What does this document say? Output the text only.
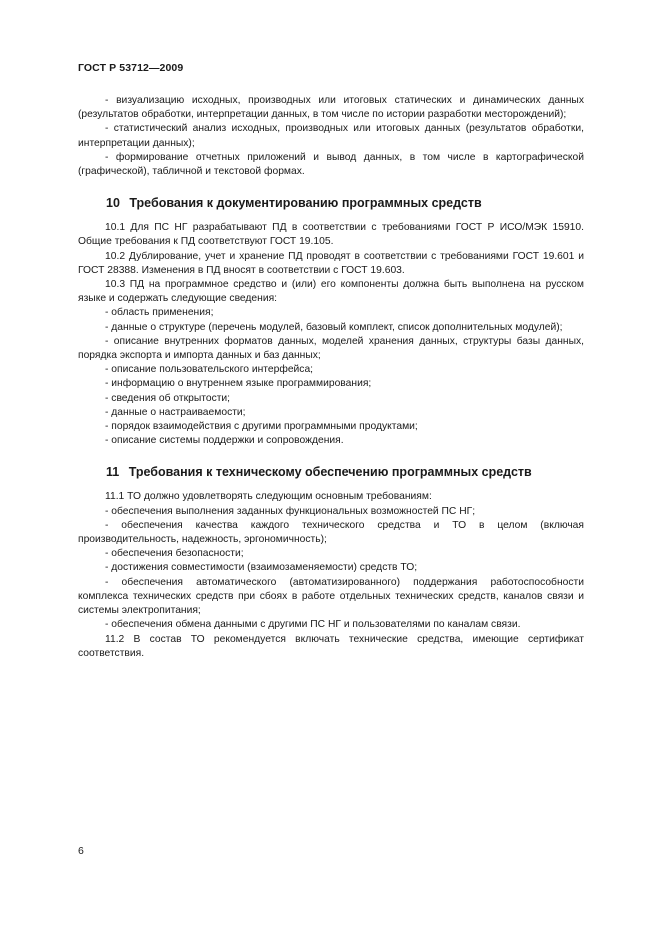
ГОСТ Р 53712—2009

- визуализацию исходных, производных или итоговых статических и динамических данных (результатов обработки, интерпретации данных, в том числе по истории разработки месторождений);

- статистический анализ исходных, производных или итоговых данных (результатов обработки, интерпретации данных);

- формирование отчетных приложений и вывод данных, в том числе в картографической (графической), табличной и текстовой формах.

10 Требования к документированию программных средств

10.1 Для ПС НГ разрабатывают ПД в соответствии с требованиями ГОСТ Р ИСО/МЭК 15910. Общие требования к ПД соответствуют ГОСТ 19.105.

10.2 Дублирование, учет и хранение ПД проводят в соответствии с требованиями ГОСТ 19.601 и ГОСТ 28388. Изменения в ПД вносят в соответствии с ГОСТ 19.603.

10.3 ПД на программное средство и (или) его компоненты должна быть выполнена на русском языке и содержать следующие сведения:

- область применения;

- данные о структуре (перечень модулей, базовый комплект, список дополнительных модулей);

- описание внутренних форматов данных, моделей хранения данных, структуры базы данных, порядка экспорта и импорта данных и баз данных;

- описание пользовательского интерфейса;

- информацию о внутреннем языке программирования;

- сведения об открытости;

- данные о настраиваемости;

- порядок взаимодействия с другими программными продуктами;

- описание системы поддержки и сопровождения.

11 Требования к техническому обеспечению программных средств

11.1 ТО должно удовлетворять следующим основным требованиям:

- обеспечения выполнения заданных функциональных возможностей ПС НГ;

- обеспечения качества каждого технического средства и ТО в целом (включая производительность, надежность, эргономичность);

- обеспечения безопасности;

- достижения совместимости (взаимозаменяемости) средств ТО;

- обеспечения автоматического (автоматизированного) поддержания работоспособности комплекса технических средств при сбоях в работе отдельных технических средств, каналов связи и системы электропитания;

- обеспечения обмена данными с другими ПС НГ и пользователями по каналам связи.

11.2 В состав ТО рекомендуется включать технические средства, имеющие сертификат соответствия.

6
